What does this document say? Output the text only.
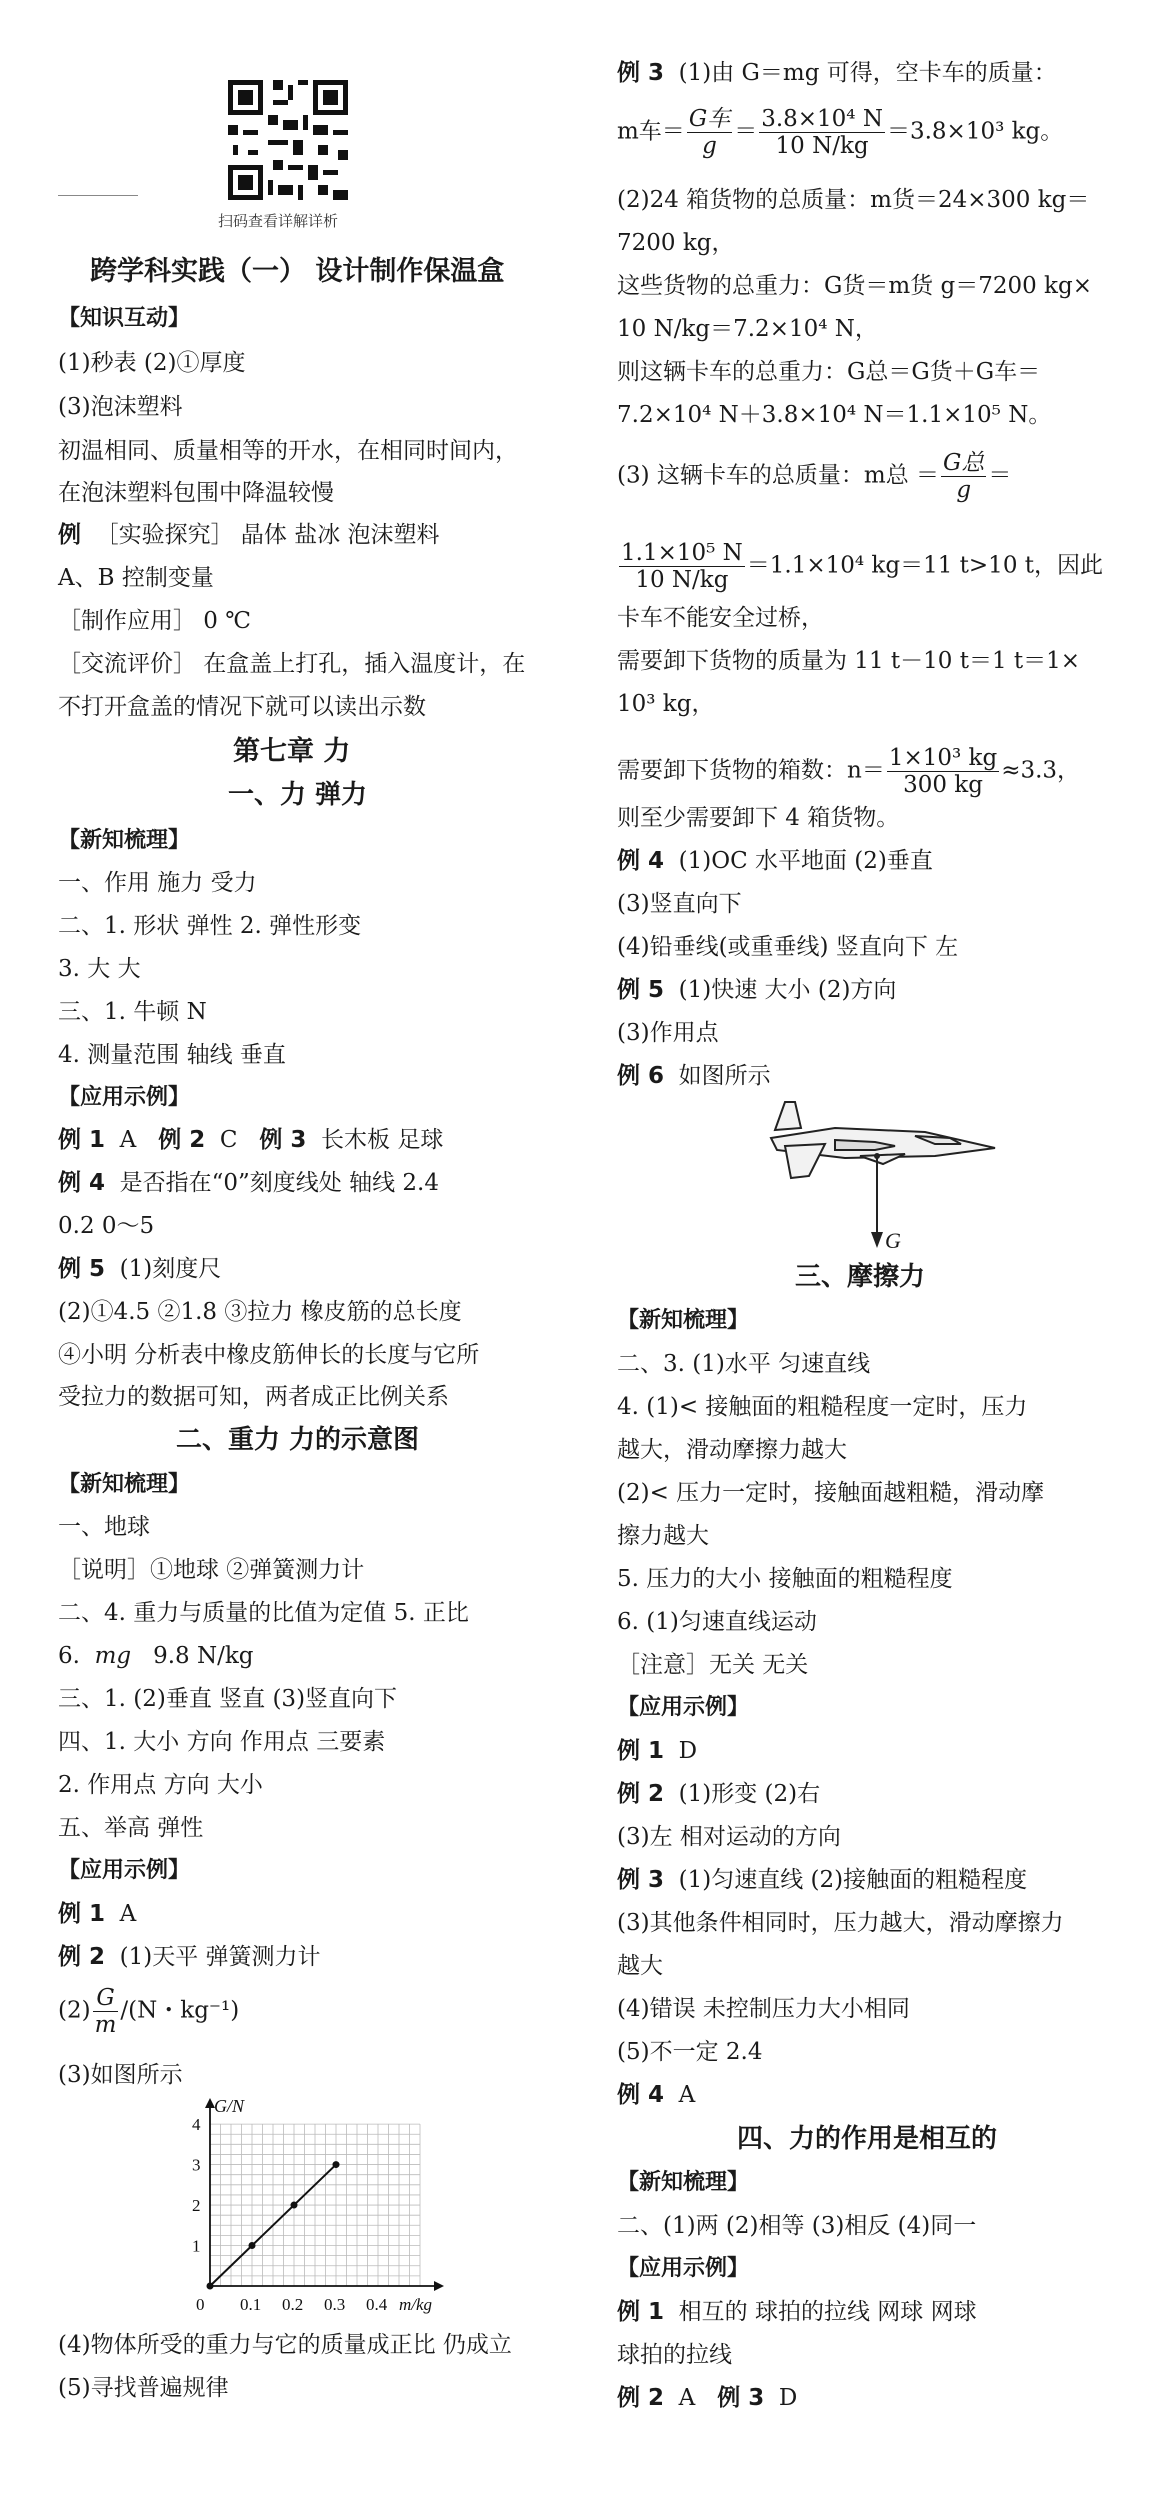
扫码查看详解详析
跨学科实践（一） 设计制作保温盒
【知识互动】
(1)秒表 (2)①厚度
(3)泡沫塑料
初温相同、质量相等的开水，在相同时间内，
在泡沫塑料包围中降温较慢
例 ［实验探究］ 晶体 盐冰 泡沫塑料
A、B 控制变量
［制作应用］ 0 ℃
［交流评价］ 在盒盖上打孔，插入温度计，在
不打开盒盖的情况下就可以读出示数
第七章 力
一、力 弹力
【新知梳理】
一、作用 施力 受力
二、1. 形状 弹性 2. 弹性形变
3. 大 大
三、1. 牛顿 N
4. 测量范围 轴线 垂直
【应用示例】
例 1 A 例 2 C 例 3 长木板 足球
例 4 是否指在“0”刻度线处 轴线 2.4
0.2 0～5
例 5 (1)刻度尺
(2)①4.5 ②1.8 ③拉力 橡皮筋的总长度
④小明 分析表中橡皮筋伸长的长度与它所
受拉力的数据可知，两者成正比例关系
二、重力 力的示意图
【新知梳理】
一、地球
［说明］①地球 ②弹簧测力计
二、4. 重力与质量的比值为定值 5. 正比
6. mg 9.8 N/kg
三、1. (2)垂直 竖直 (3)竖直向下
四、1. 大小 方向 作用点 三要素
2. 作用点 方向 大小
五、举高 弹性
【应用示例】
例 1 A
例 2 (1)天平 弹簧测力计
$(2) \frac{G}{m} /(N$・kg⁻¹)
(3)如图所示
1
2
3
4
0 0.1 0.2 0.3 0.4
G/N
m/kg
(4)物体所受的重力与它的质量成正比 仍成立
(5)寻找普遍规律
例 3 (1)由 G＝mg 可得，空卡车的质量：
m车＝ $\frac{\text{G车}}{g} = \frac{\text{3.8×10⁴ N}}{10 N/kg} =3.8\times 10^3$ kg。
(2)24 箱货物的总质量：m货＝24×300 kg＝
7200 kg，
这些货物的总重力：G货＝m货 g＝7200 kg×
10 N/kg＝7.2×10⁴ N，
则这辆卡车的总重力：G总＝G货＋G车＝
7.2×10⁴ N＋3.8×10⁴ N＝1.1×10⁵ N。
(3) 这辆卡车的总质量：m总 ＝ $\frac{\text{G总}}{g}$ ＝
$\frac{\text{1.1×10⁵ N}}{10 N/kg} =1.1\times 10^4$ kg＝11 t>10 t，因此
卡车不能安全过桥，
需要卸下货物的质量为 11 t－10 t＝1 t＝1×
10³ kg，
需要卸下货物的箱数：$n= \frac{\text{1×10³ kg}}{300 kg} \approx 3.3$，
则至少需要卸下 4 箱货物。
例 4 (1)OC 水平地面 (2)垂直
(3)竖直向下
(4)铅垂线(或重垂线) 竖直向下 左
例 5 (1)快速 大小 (2)方向
(3)作用点
例 6 如图所示
G
三、摩擦力
【新知梳理】
二、3. (1)水平 匀速直线
4. (1)< 接触面的粗糙程度一定时，压力
越大，滑动摩擦力越大
(2)< 压力一定时，接触面越粗糙，滑动摩
擦力越大
5. 压力的大小 接触面的粗糙程度
6. (1)匀速直线运动
［注意］无关 无关
【应用示例】
例 1 D
例 2 (1)形变 (2)右
(3)左 相对运动的方向
例 3 (1)匀速直线 (2)接触面的粗糙程度
(3)其他条件相同时，压力越大，滑动摩擦力
越大
(4)错误 未控制压力大小相同
(5)不一定 2.4
例 4 A
四、力的作用是相互的
【新知梳理】
二、(1)两 (2)相等 (3)相反 (4)同一
【应用示例】
例 1 相互的 球拍的拉线 网球 网球
球拍的拉线
例 2 A 例 3 D
